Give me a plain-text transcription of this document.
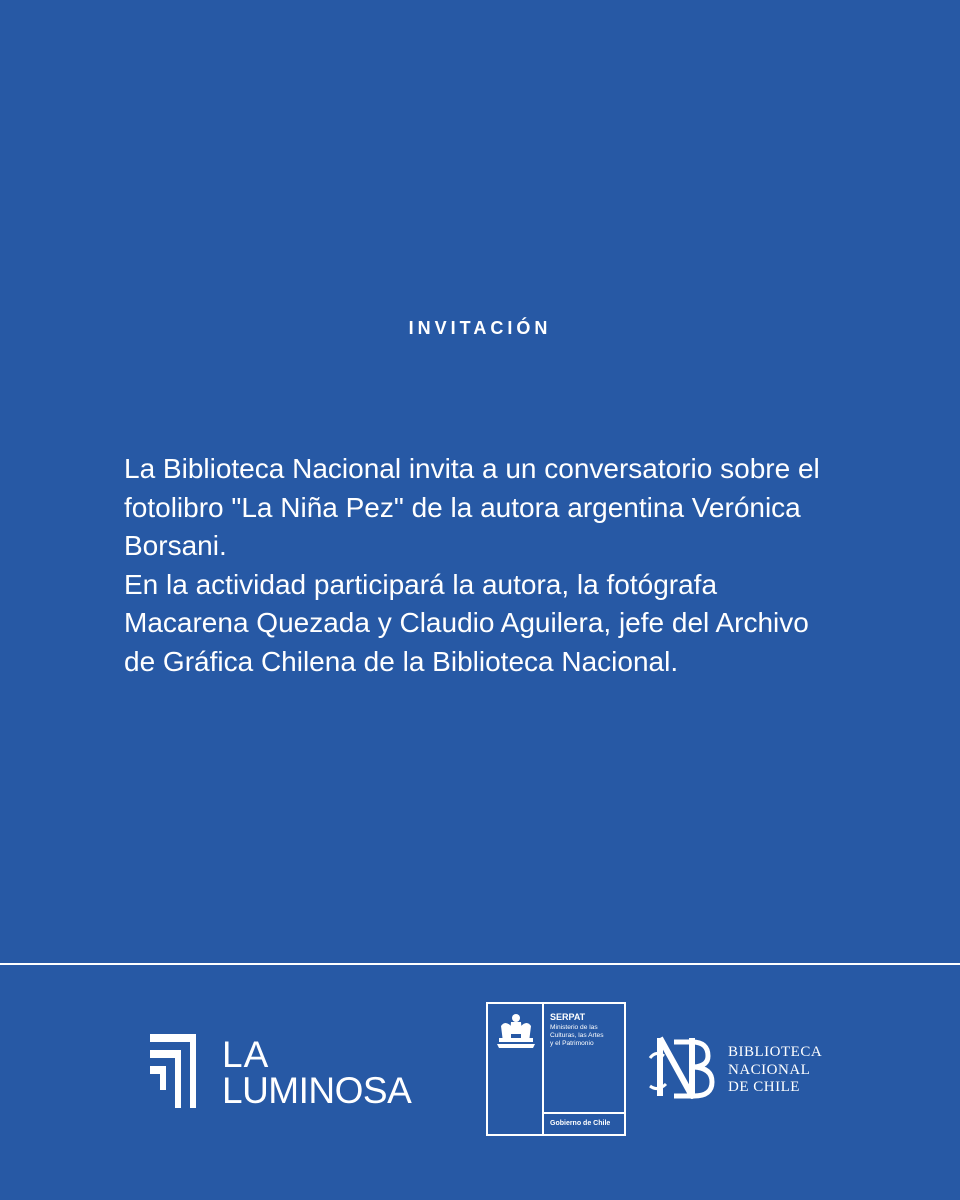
INVITACIÓN

La Biblioteca Nacional invita a un conversatorio sobre el fotolibro "La Niña Pez" de la autora argentina Verónica Borsani.

En la actividad participará la autora, la fotógrafa Macarena Quezada y Claudio Aguilera, jefe del Archivo de Gráfica Chilena de la Biblioteca Nacional.

LA
LUMINOSA
SERPAT
Ministerio de las
Culturas, las Artes
y el Patrimonio
Gobierno de Chile
BIBLIOTECA
NACIONAL
DE CHILE
